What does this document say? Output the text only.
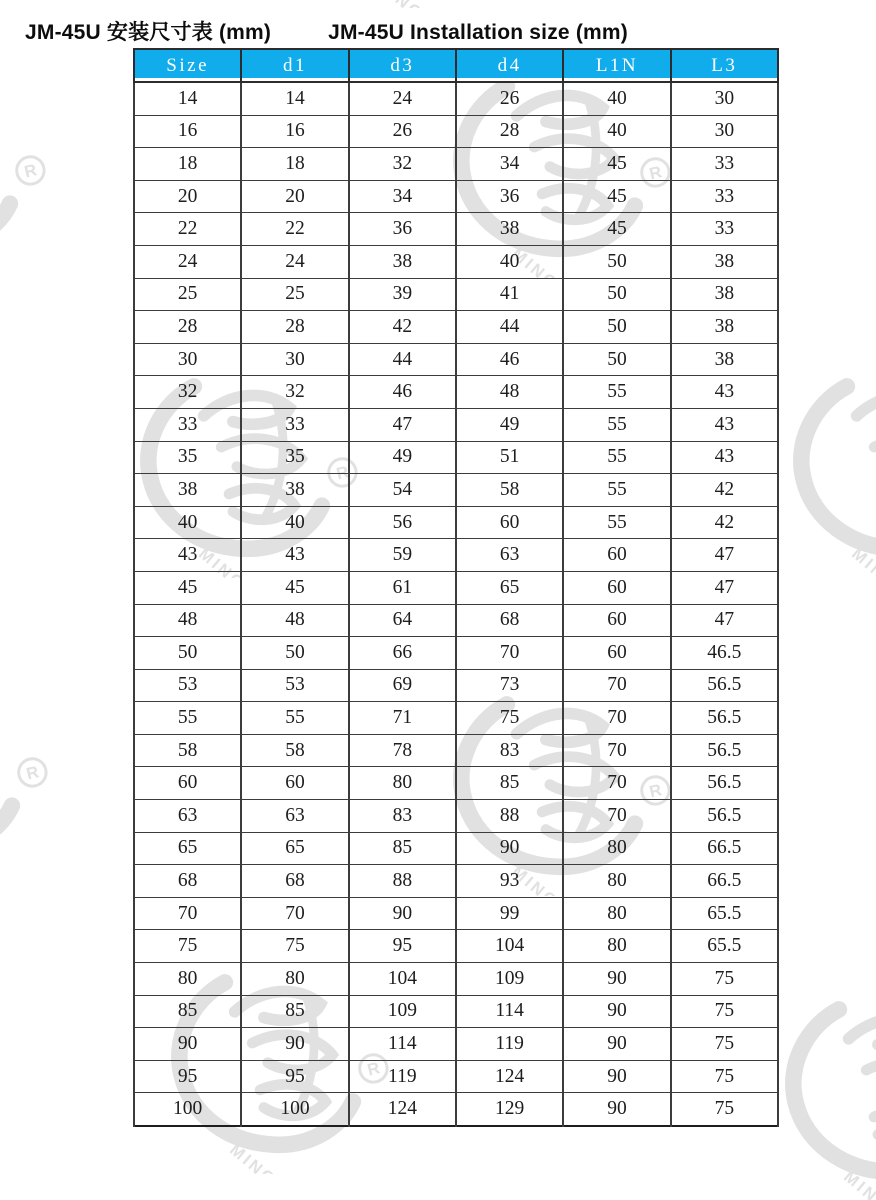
JM-45U 安装尺寸表 (mm)	JM-45U Installation size (mm)
Size	d1	d3	d4	L1N	L3
14	14	24	26	40	30
16	16	26	28	40	30
18	18	32	34	45	33
20	20	34	36	45	33
22	22	36	38	45	33
24	24	38	40	50	38
25	25	39	41	50	38
28	28	42	44	50	38
30	30	44	46	50	38
32	32	46	48	55	43
33	33	47	49	55	43
35	35	49	51	55	43
38	38	54	58	55	42
40	40	56	60	55	42
43	43	59	63	60	47
45	45	61	65	60	47
48	48	64	68	60	47
50	50	66	70	60	46.5
53	53	69	73	70	56.5
55	55	71	75	70	56.5
58	58	78	83	70	56.5
60	60	80	85	70	56.5
63	63	83	88	70	56.5
65	65	85	90	80	66.5
68	68	88	93	80	66.5
70	70	90	99	80	65.5
75	75	95	104	80	65.5
80	80	104	109	90	75
85	85	109	114	90	75
90	90	114	119	90	75
95	95	119	124	90	75
100	100	124	129	90	75
